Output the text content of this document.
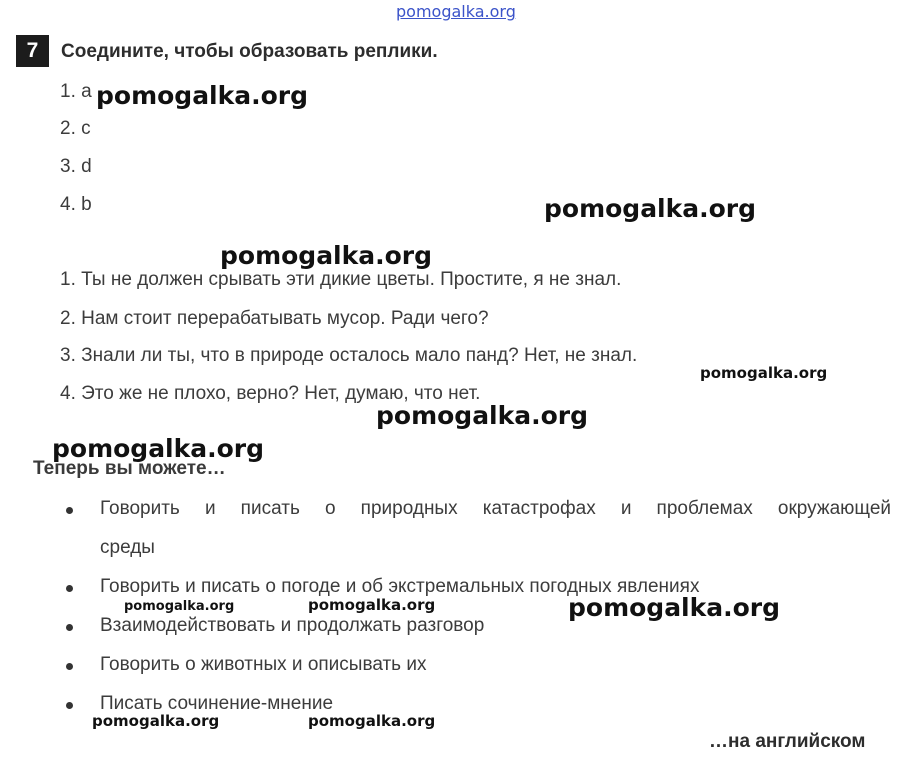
pomogalka.org
7	Соедините, чтобы образовать реплики.
1. a
2. c
3. d
4. b
1. Ты не должен срывать эти дикие цветы. Простите, я не знал.
2. Нам стоит перерабатывать мусор. Ради чего?
3. Знали ли ты, что в природе осталось мало панд? Нет, не знал.
4. Это же не плохо, верно? Нет, думаю, что нет.
Теперь вы можете…
Говорить и писать о природных катастрофах и проблемах окружающей
среды
Говорить и писать о погоде и об экстремальных погодных явлениях
Взаимодействовать и продолжать разговор
Говорить о животных и описывать их
Писать сочинение-мнение
…на английском
pomogalka.org
pomogalka.org
pomogalka.org
pomogalka.org
pomogalka.org
pomogalka.org
pomogalka.org	pomogalka.org	pomogalka.org
pomogalka.org	pomogalka.org
